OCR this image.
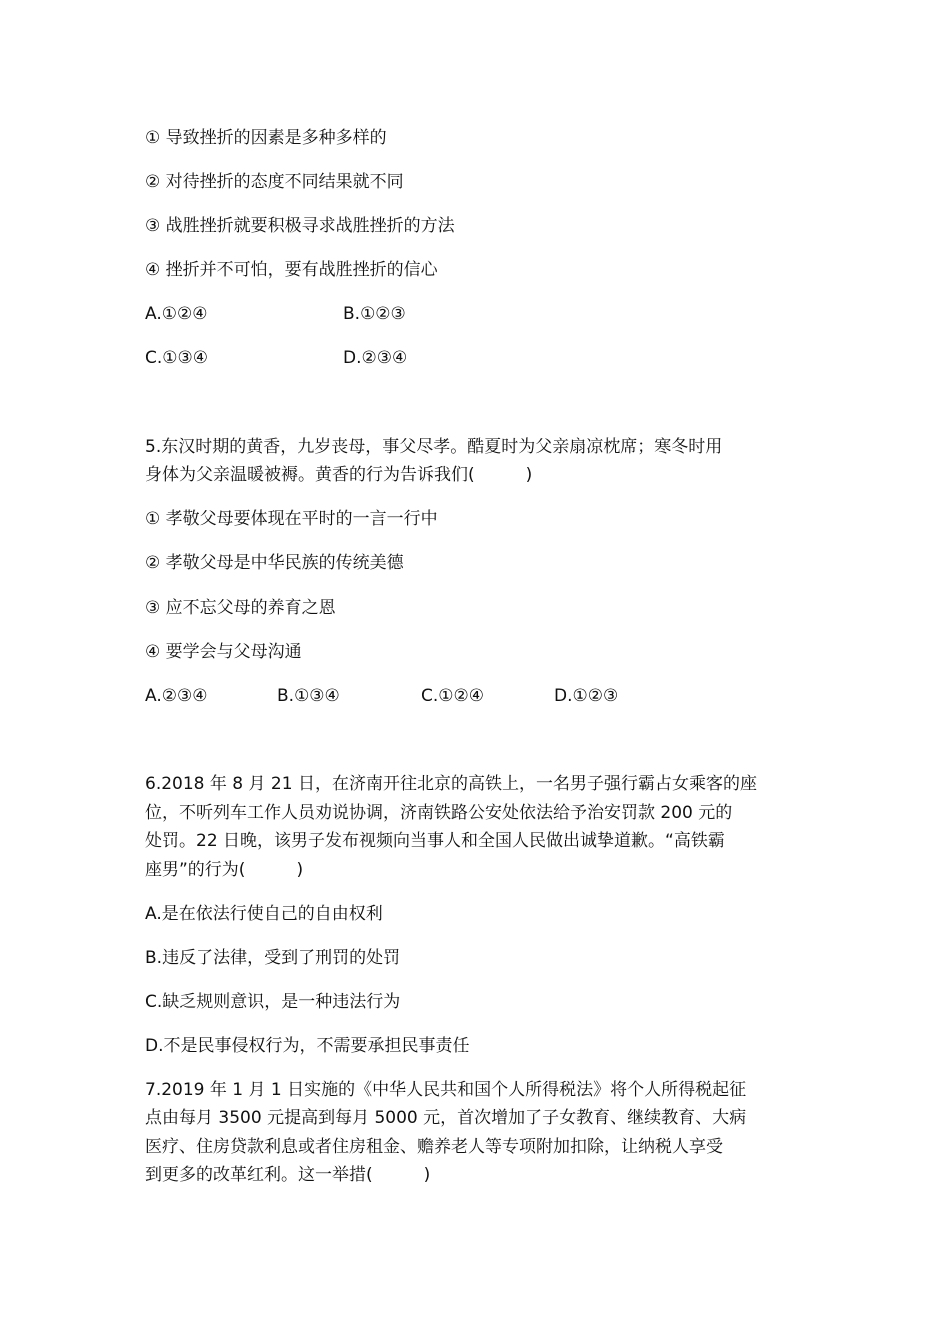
① 导致挫折的因素是多种多样的
② 对待挫折的态度不同结果就不同
③ 战胜挫折就要积极寻求战胜挫折的方法
④ 挫折并不可怕，要有战胜挫折的信心
A.①②④	B.①②③
C.①③④	D.②③④
5.东汉时期的黄香，九岁丧母，事父尽孝。酷夏时为父亲扇凉枕席；寒冬时用
身体为父亲温暖被褥。黄香的行为告诉我们(　　　)
① 孝敬父母要体现在平时的一言一行中
② 孝敬父母是中华民族的传统美德
③ 应不忘父母的养育之恩
④ 要学会与父母沟通
A.②③④	B.①③④	C.①②④	D.①②③
6.2018 年 8 月 21 日，在济南开往北京的高铁上，一名男子强行霸占女乘客的座
位，不听列车工作人员劝说协调，济南铁路公安处依法给予治安罚款 200 元的
处罚。22 日晚，该男子发布视频向当事人和全国人民做出诚挚道歉。“高铁霸
座男”的行为(　　　)
A.是在依法行使自己的自由权利
B.违反了法律，受到了刑罚的处罚
C.缺乏规则意识，是一种违法行为
D.不是民事侵权行为，不需要承担民事责任
7.2019 年 1 月 1 日实施的《中华人民共和国个人所得税法》将个人所得税起征
点由每月 3500 元提高到每月 5000 元，首次增加了子女教育、继续教育、大病
医疗、住房贷款利息或者住房租金、赡养老人等专项附加扣除，让纳税人享受
到更多的改革红利。这一举措(　　　)
